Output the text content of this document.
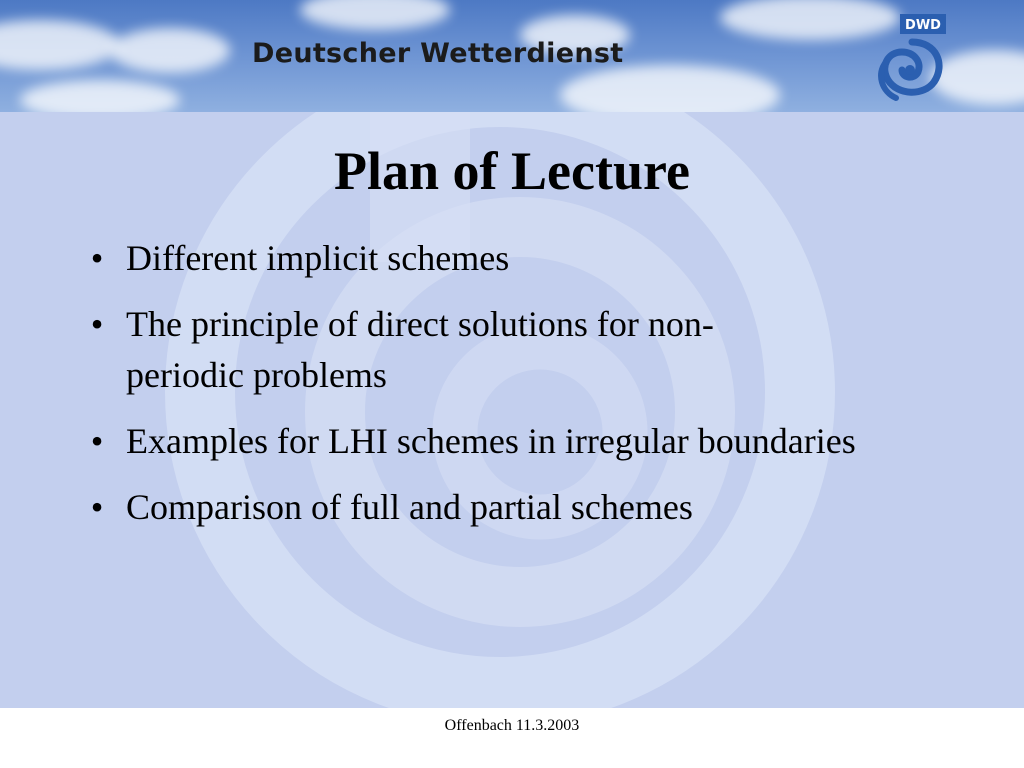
Deutscher Wetterdienst
DWD
Plan of Lecture
• Different implicit schemes
• The principle of direct solutions for non-
periodic problems
• Examples for LHI schemes in irregular boundaries
• Comparison of full and partial schemes
Offenbach 11.3.2003
